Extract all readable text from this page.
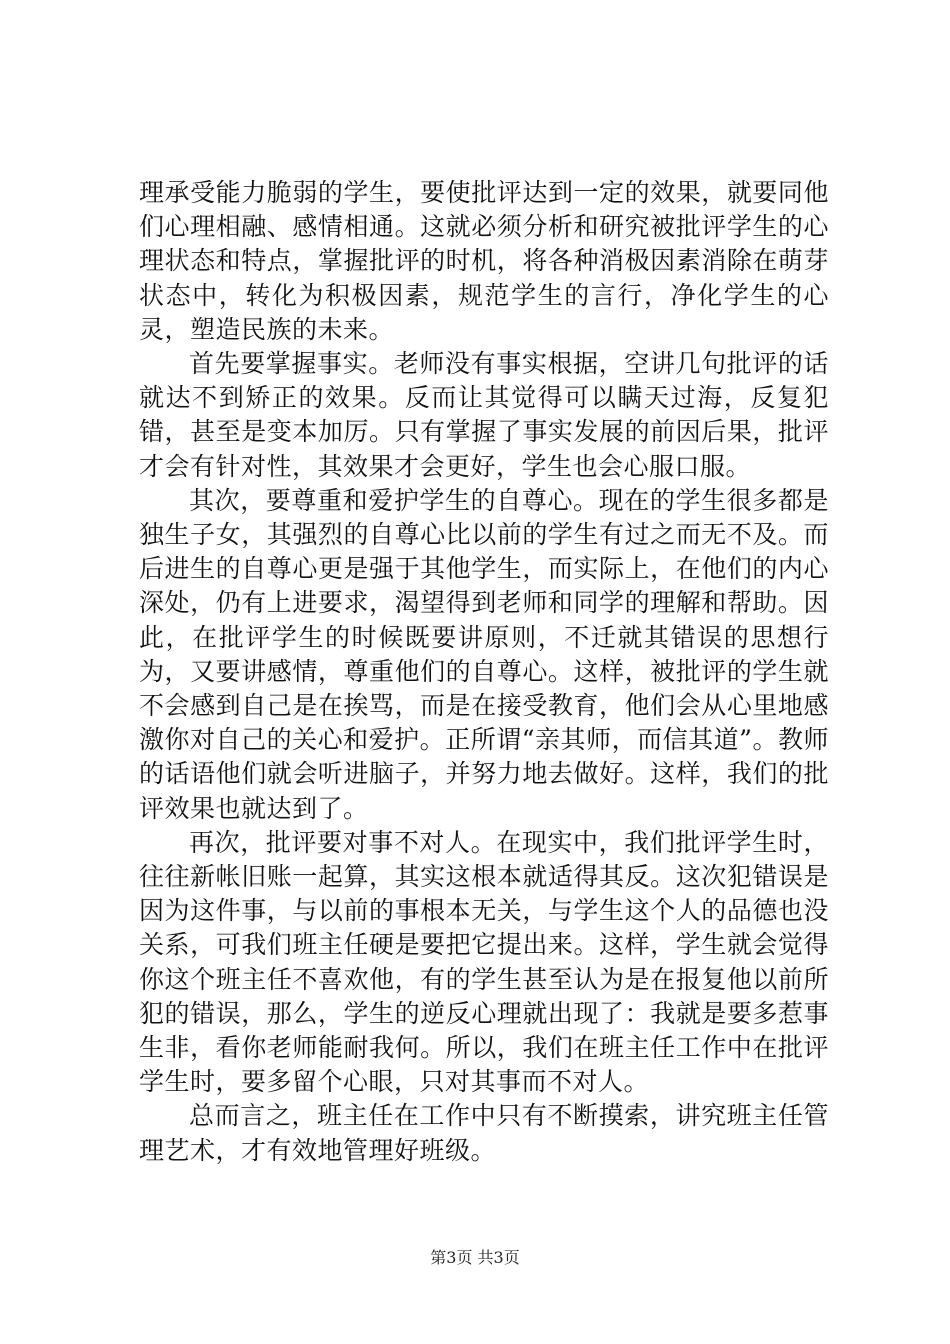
理承受能力脆弱的学生，要使批评达到一定的效果，就要同他们心理相融、感情相通。这就必须分析和研究被批评学生的心理状态和特点，掌握批评的时机，将各种消极因素消除在萌芽状态中，转化为积极因素，规范学生的言行，净化学生的心灵，塑造民族的未来。

首先要掌握事实。老师没有事实根据，空讲几句批评的话就达不到矫正的效果。反而让其觉得可以瞒天过海，反复犯错，甚至是变本加厉。只有掌握了事实发展的前因后果，批评才会有针对性，其效果才会更好，学生也会心服口服。

其次，要尊重和爱护学生的自尊心。现在的学生很多都是独生子女，其强烈的自尊心比以前的学生有过之而无不及。而后进生的自尊心更是强于其他学生，而实际上，在他们的内心深处，仍有上进要求，渴望得到老师和同学的理解和帮助。因此，在批评学生的时候既要讲原则，不迁就其错误的思想行为，又要讲感情，尊重他们的自尊心。这样，被批评的学生就不会感到自己是在挨骂，而是在接受教育，他们会从心里地感激你对自己的关心和爱护。正所谓“亲其师，而信其道”。教师的话语他们就会听进脑子，并努力地去做好。这样，我们的批评效果也就达到了。

再次，批评要对事不对人。在现实中，我们批评学生时，往往新帐旧账一起算，其实这根本就适得其反。这次犯错误是因为这件事，与以前的事根本无关，与学生这个人的品德也没关系，可我们班主任硬是要把它提出来。这样，学生就会觉得你这个班主任不喜欢他，有的学生甚至认为是在报复他以前所犯的错误，那么，学生的逆反心理就出现了：我就是要多惹事生非，看你老师能耐我何。所以，我们在班主任工作中在批评学生时，要多留个心眼，只对其事而不对人。

总而言之，班主任在工作中只有不断摸索，讲究班主任管理艺术，才有效地管理好班级。

第3页 共3页
